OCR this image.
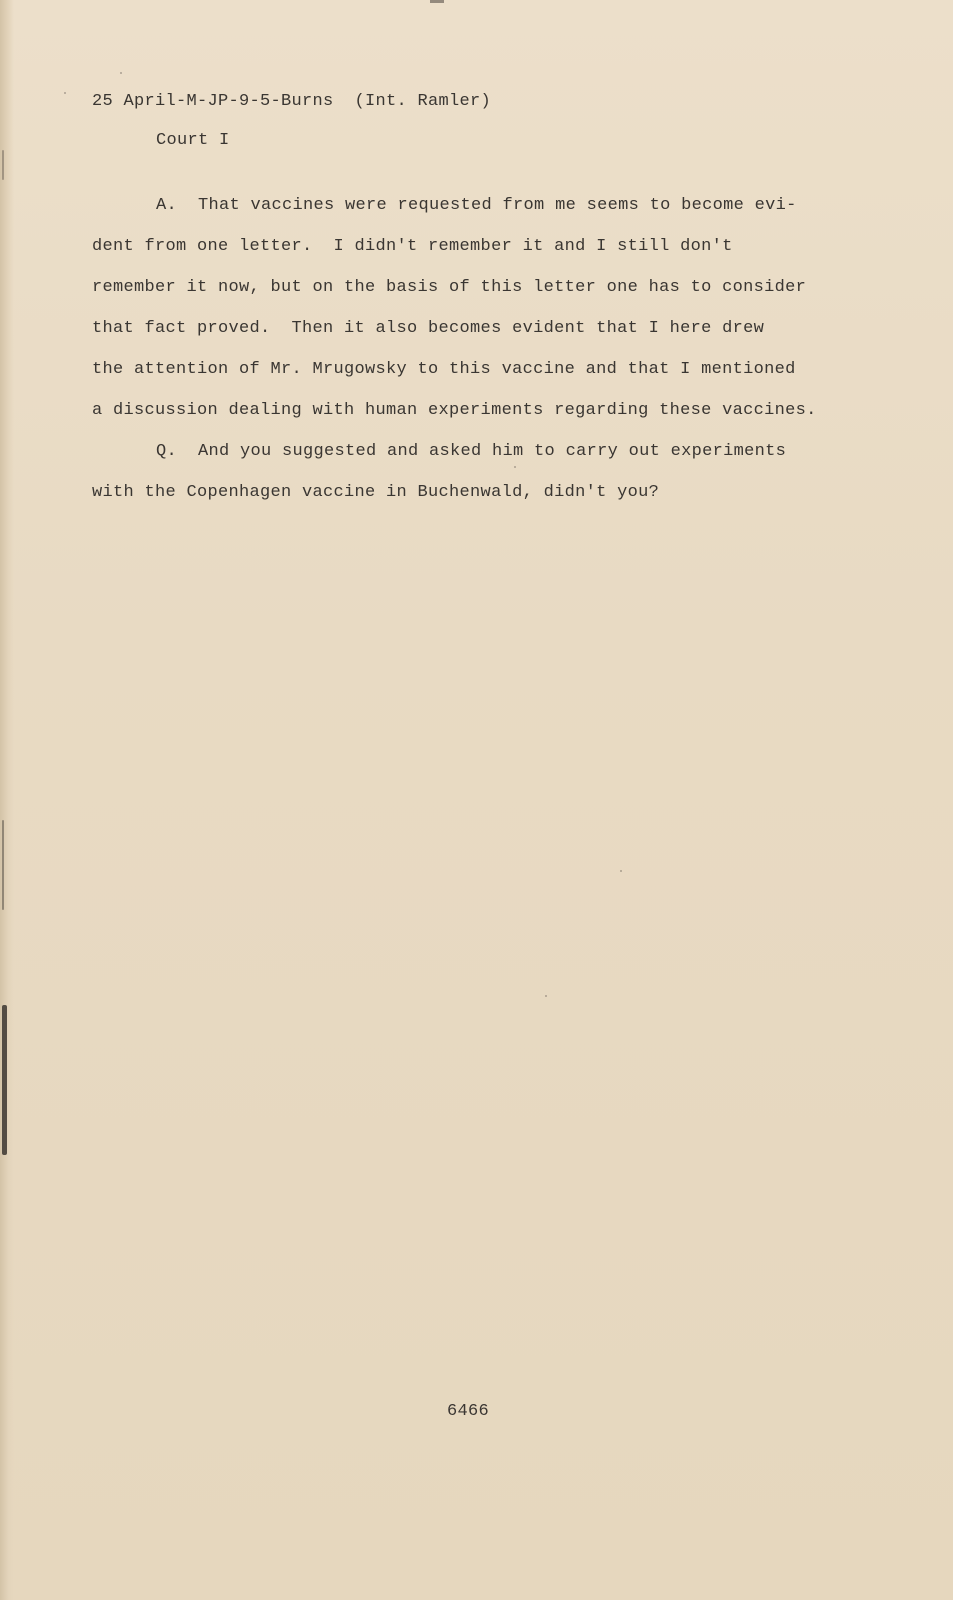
25 April-M-JP-9-5-Burns  (Int. Ramler)
Court I
A.  That vaccines were requested from me seems to become evi-
dent from one letter.  I didn't remember it and I still don't
remember it now, but on the basis of this letter one has to consider
that fact proved.  Then it also becomes evident that I here drew
the attention of Mr. Mrugowsky to this vaccine and that I mentioned
a discussion dealing with human experiments regarding these vaccines.
Q.  And you suggested and asked him to carry out experiments
with the Copenhagen vaccine in Buchenwald, didn't you?
6466
